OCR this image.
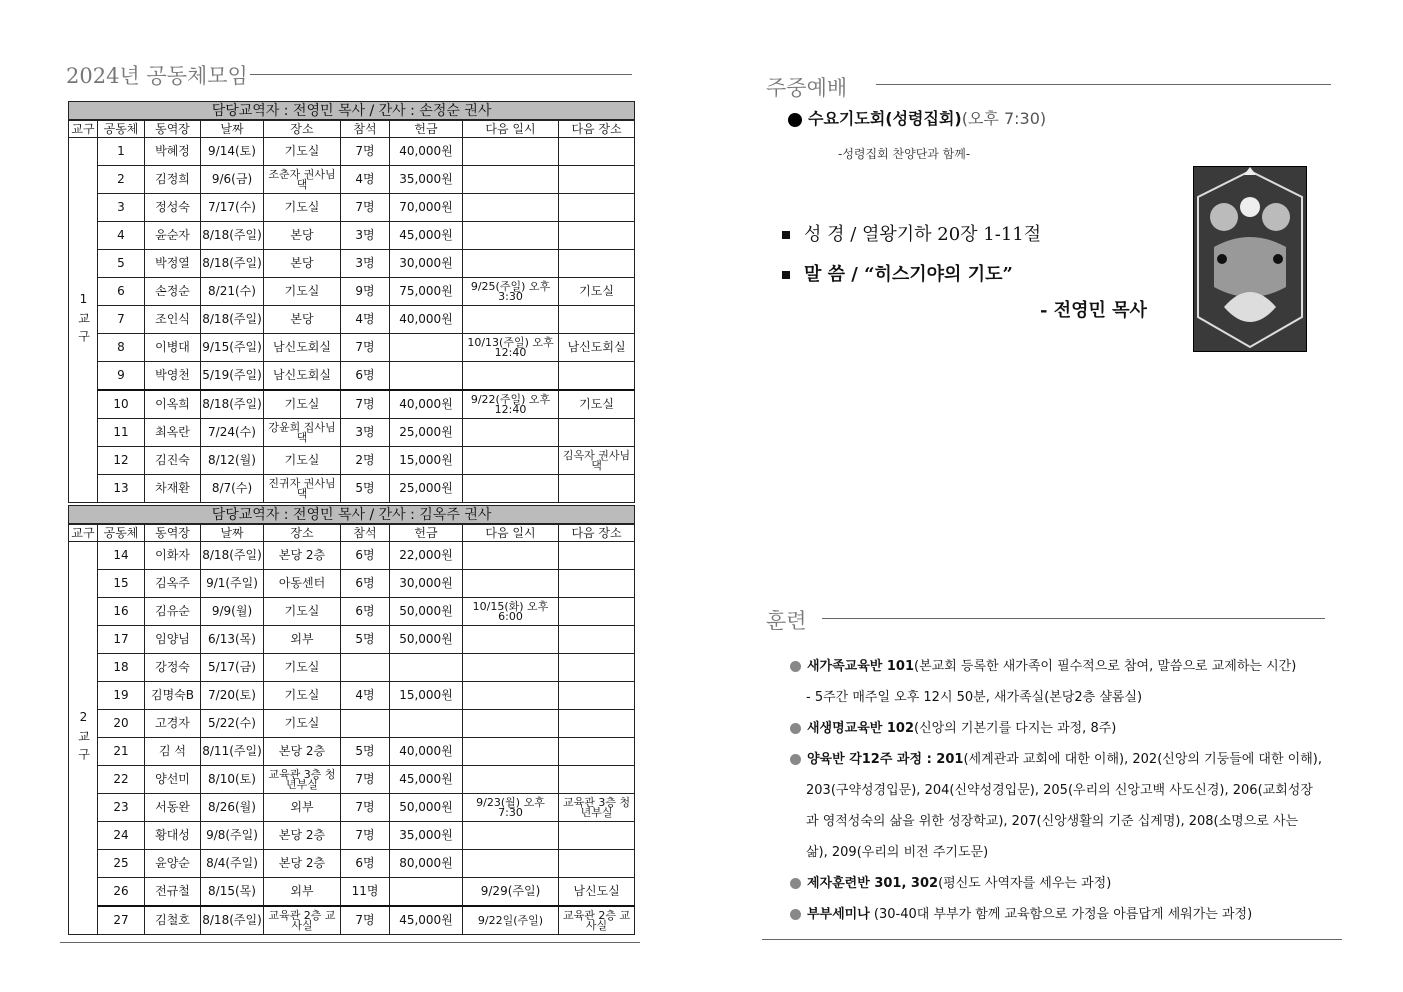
2024년 공동체모임
담당교역자 : 전영민 목사 / 간사 : 손정순 권사								
교구	공동체	동역장	날짜	장소	참석	헌금	다음 일시	다음 장소
1교구	1	박혜정	9/14(토)	기도실	7명	40,000원		
	2	김정희	9/6(금)	조춘자 권사님 댁	4명	35,000원		
	3	정성숙	7/17(수)	기도실	7명	70,000원		
	4	윤순자	8/18(주일)	본당	3명	45,000원		
	5	박정열	8/18(주일)	본당	3명	30,000원		
	6	손정순	8/21(수)	기도실	9명	75,000원	9/25(주일) 오후 3:30	기도실
	7	조인식	8/18(주일)	본당	4명	40,000원		
	8	이병대	9/15(주일)	남신도회실	7명		10/13(주일) 오후 12:40	남신도회실
	9	박영천	5/19(주일)	남신도회실	6명			
	10	이옥희	8/18(주일)	기도실	7명	40,000원	9/22(주일) 오후 12:40	기도실
	11	최옥란	7/24(수)	강윤희 집사님 댁	3명	25,000원		
	12	김진숙	8/12(월)	기도실	2명	15,000원		김옥자 권사님 댁

	13	차재환	8/7(수)	진귀자 권사님 댁	5명	25,000원		
담당교역자 : 전영민 목사 / 간사 : 김옥주 권사								
교구	공동체	동역장	날짜	장소	참석	헌금	다음 일시	다음 장소
2교구	14	이화자	8/18(주일)	본당 2층	6명	22,000원		
	15	김옥주	9/1(주일)	아동센터	6명	30,000원		
	16	김유순	9/9(월)	기도실	6명	50,000원	10/15(화) 오후 6:00	

	17	임양님	6/13(목)	외부	5명	50,000원		
	18	강정숙	5/17(금)	기도실				
	19	김명숙B	7/20(토)	기도실	4명	15,000원		
	20	고경자	5/22(수)	기도실				
	21	김 석	8/11(주일)	본당 2층	5명	40,000원		
	22	양선미	8/10(토)	교육관 3층 청년부실	7명	45,000원		
	23	서동완	8/26(월)	외부	7명	50,000원	9/23(월) 오후 7:30	교육관 3층 청년부실

	24	황대성	9/8(주일)	본당 2층	7명	35,000원		
	25	윤양순	8/4(주일)	본당 2층	6명	80,000원		
	26	전규철	8/15(목)	외부	11명		9/29(주일)	남신도실
	27	김철호	8/18(주일)	교육관 2층 교사실	7명	45,000원	9/22일(주일)	교육관 2층 교사실
주중예배
수요기도회(성령집회)(오후 7:30)
-성령집회 찬양단과 함께-
성 경 / 열왕기하 20장 1-11절
말 씀 / “히스기야의 기도”
- 전영민 목사
훈련
새가족교육반 101(본교회 등록한 새가족이 필수적으로 참여, 말씀으로 교제하는 시간)
- 5주간 매주일 오후 12시 50분, 새가족실(본당2층 샬롬실)
새생명교육반 102(신앙의 기본기를 다지는 과정, 8주)
양육반 각12주 과정 : 201(세계관과 교회에 대한 이해), 202(신앙의 기둥들에 대한 이해),
203(구약성경입문), 204(신약성경입문), 205(우리의 신앙고백 사도신경), 206(교회성장
과 영적성숙의 삶을 위한 성장학교), 207(신앙생활의 기준 십계명), 208(소명으로 사는
삶), 209(우리의 비전 주기도문)
제자훈련반 301, 302(평신도 사역자를 세우는 과정)
부부세미나 (30-40대 부부가 함께 교육함으로 가정을 아름답게 세워가는 과정)
